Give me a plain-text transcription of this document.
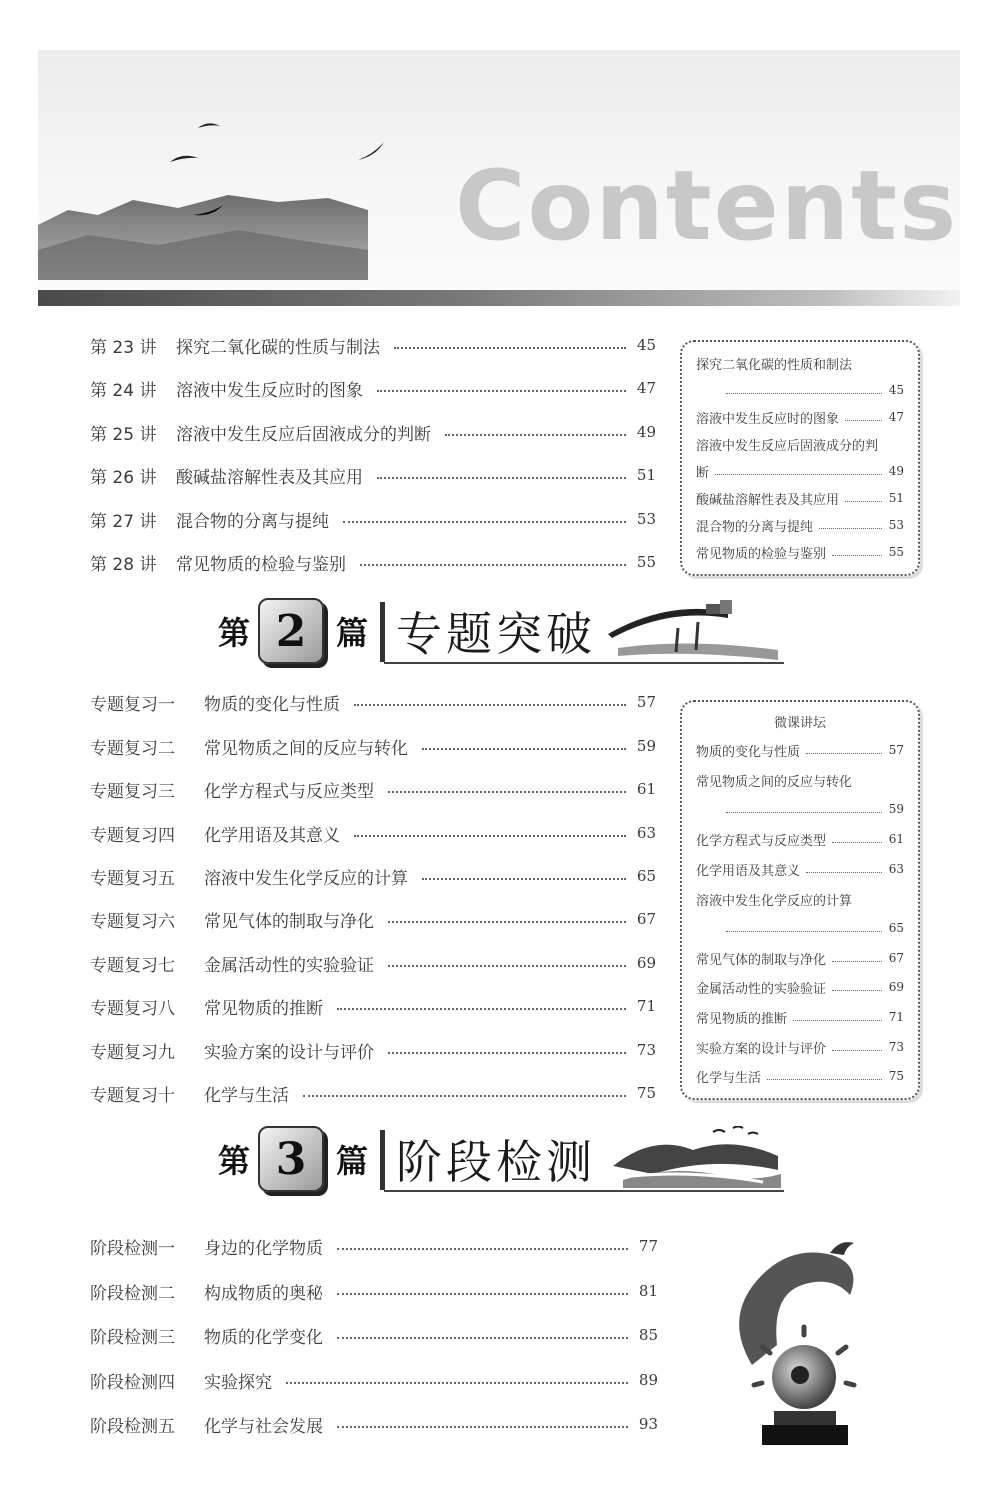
Contents
第 23 讲	探究二氧化碳的性质与制法	45
第 24 讲	溶液中发生反应时的图象	47
第 25 讲	溶液中发生反应后固液成分的判断	49
第 26 讲	酸碱盐溶解性表及其应用	51
第 27 讲	混合物的分离与提纯	53
第 28 讲	常见物质的检验与鉴别	55
探究二氧化碳的性质和制法
45
溶液中发生反应时的图象	47
溶液中发生反应后固液成分的判
断	49
酸碱盐溶解性表及其应用	51
混合物的分离与提纯	53
常见物质的检验与鉴别	55
第 2 篇 专题突破
专题复习一	物质的变化与性质	57
专题复习二	常见物质之间的反应与转化	59
专题复习三	化学方程式与反应类型	61
专题复习四	化学用语及其意义	63
专题复习五	溶液中发生化学反应的计算	65
专题复习六	常见气体的制取与净化	67
专题复习七	金属活动性的实验验证	69
专题复习八	常见物质的推断	71
专题复习九	实验方案的设计与评价	73
专题复习十	化学与生活	75
微课讲坛
物质的变化与性质	57
常见物质之间的反应与转化
59
化学方程式与反应类型	61
化学用语及其意义	63
溶液中发生化学反应的计算
65
常见气体的制取与净化	67
金属活动性的实验验证	69
常见物质的推断	71
实验方案的设计与评价	73
化学与生活	75
第 3 篇 阶段检测
阶段检测一	身边的化学物质	77
阶段检测二	构成物质的奥秘	81
阶段检测三	物质的化学变化	85
阶段检测四	实验探究	89
阶段检测五	化学与社会发展	93
